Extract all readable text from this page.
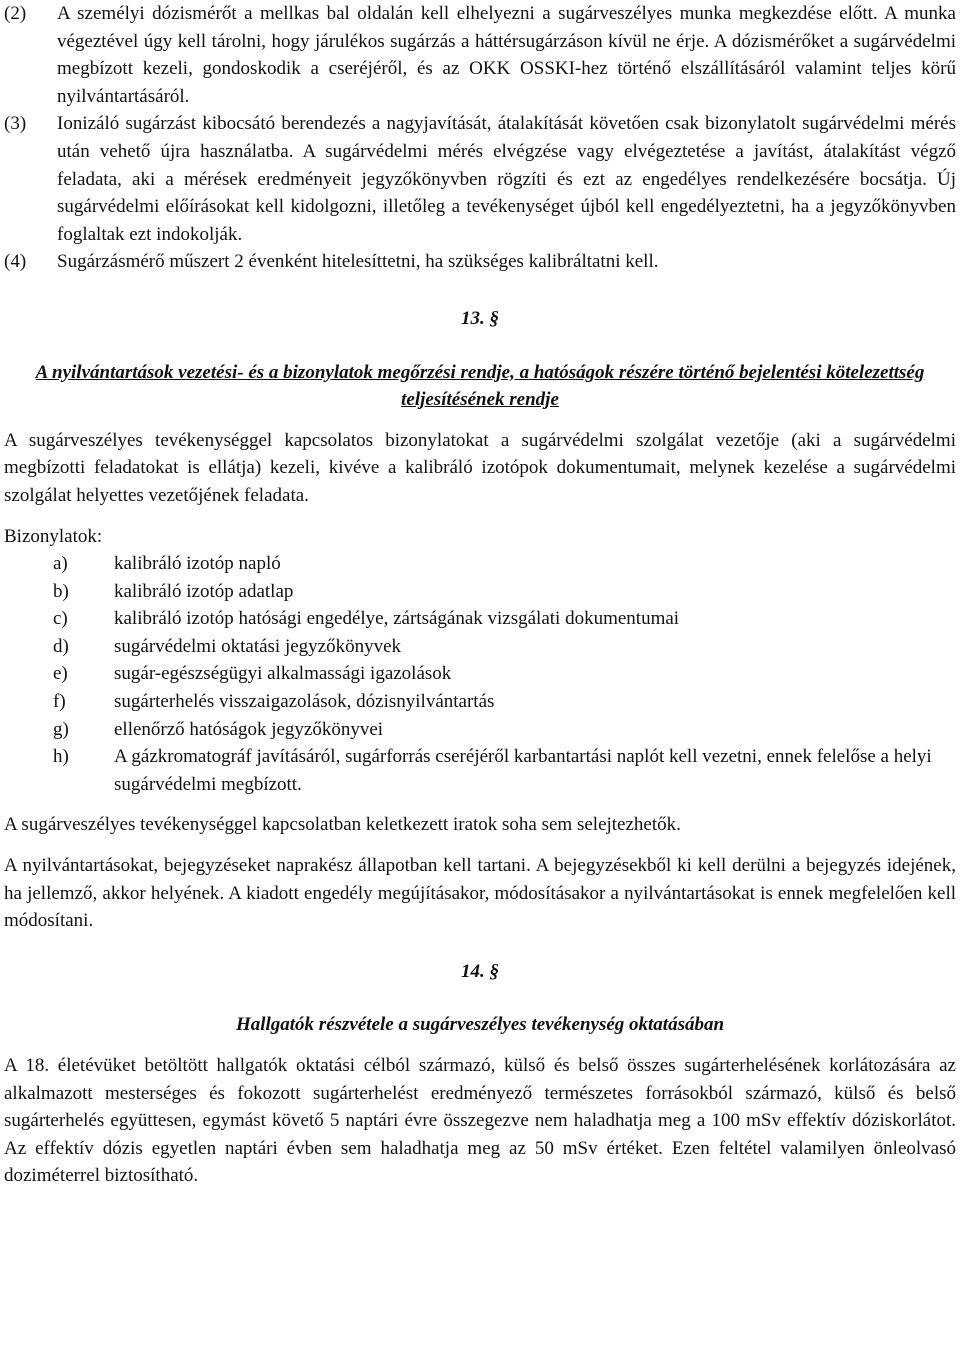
(2)	A személyi dózismérőt a mellkas bal oldalán kell elhelyezni a sugárveszélyes munka megkezdése előtt. A munka végeztével úgy kell tárolni, hogy járulékos sugárzás a háttérsugárzáson kívül ne érje. A dózismérőket a sugárvédelmi megbízott kezeli, gondoskodik a cseréjéről, és az OKK OSSKI-hez történő elszállításáról valamint teljes körű nyilvántartásáról.
(3)	Ionizáló sugárzást kibocsátó berendezés a nagyjavítását, átalakítását követően csak bizonylatolt sugárvédelmi mérés után vehető újra használatba. A sugárvédelmi mérés elvégzése vagy elvégeztetése a javítást, átalakítást végző feladata, aki a mérések eredményeit jegyzőkönyvben rögzíti és ezt az engedélyes rendelkezésére bocsátja. Új sugárvédelmi előírásokat kell kidolgozni, illetőleg a tevékenységet újból kell engedélyeztetni, ha a jegyzőkönyvben foglaltak ezt indokolják.
(4)	Sugárzásmérő műszert 2 évenként hitelesíttetni, ha szükséges kalibráltatni kell.

13. §

A nyilvántartások vezetési- és a bizonylatok megőrzési rendje, a hatóságok részére történő bejelentési kötelezettség teljesítésének rendje

A sugárveszélyes tevékenységgel kapcsolatos bizonylatokat a sugárvédelmi szolgálat vezetője (aki a sugárvédelmi megbízotti feladatokat is ellátja) kezeli, kivéve a kalibráló izotópok dokumentumait, melynek kezelése a sugárvédelmi szolgálat helyettes vezetőjének feladata.

Bizonylatok:

a)	kalibráló izotóp napló
b)	kalibráló izotóp adatlap
c)	kalibráló izotóp hatósági engedélye, zártságának vizsgálati dokumentumai
d)	sugárvédelmi oktatási jegyzőkönyvek
e)	sugár-egészségügyi alkalmassági igazolások
f)	sugárterhelés visszaigazolások, dózisnyilvántartás
g)	ellenőrző hatóságok jegyzőkönyvei
h)	A gázkromatográf javításáról, sugárforrás cseréjéről karbantartási naplót kell vezetni, ennek felelőse a helyi sugárvédelmi megbízott.

A sugárveszélyes tevékenységgel kapcsolatban keletkezett iratok soha sem selejtezhetők.

A nyilvántartásokat, bejegyzéseket naprakész állapotban kell tartani. A bejegyzésekből ki kell derülni a bejegyzés idejének, ha jellemző, akkor helyének. A kiadott engedély megújításakor, módosításakor a nyilvántartásokat is ennek megfelelően kell módosítani.

14. §

Hallgatók részvétele a sugárveszélyes tevékenység oktatásában

A 18. életévüket betöltött hallgatók oktatási célból származó, külső és belső összes sugárterhelésének korlátozására az alkalmazott mesterséges és fokozott sugárterhelést eredményező természetes forrásokból származó, külső és belső sugárterhelés együttesen, egymást követő 5 naptári évre összegezve nem haladhatja meg a 100 mSv effektív dóziskorlátot. Az effektív dózis egyetlen naptári évben sem haladhatja meg az 50 mSv értéket. Ezen feltétel valamilyen önleolvasó doziméterrel biztosítható.
